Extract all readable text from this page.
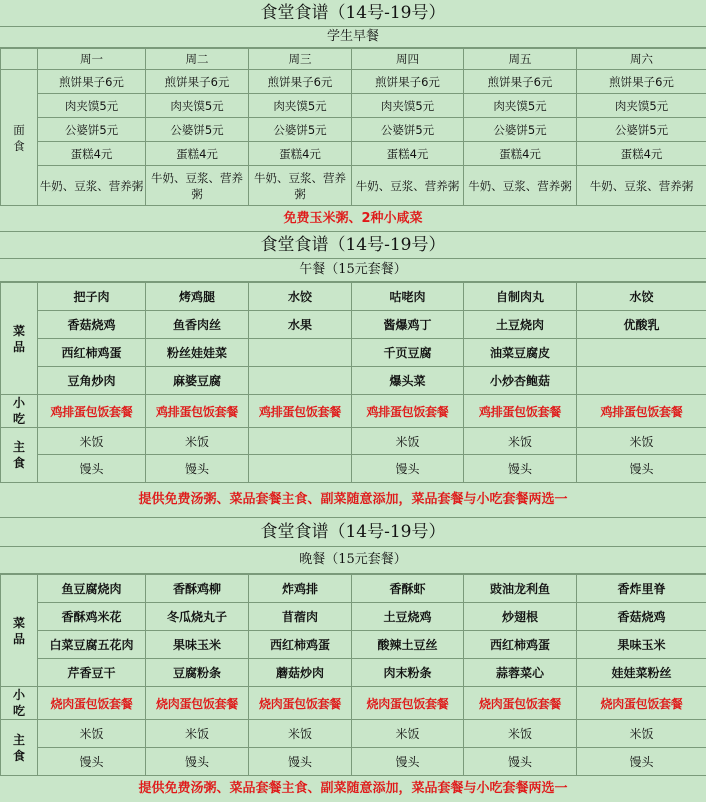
食堂食谱（14号-19号）
学生早餐
	周一	周二	周三	周四	周五	周六

面
食	煎饼果子6元	煎饼果子6元	煎饼果子6元	煎饼果子6元	煎饼果子6元	煎饼果子6元
	肉夹馍5元	肉夹馍5元	肉夹馍5元	肉夹馍5元	肉夹馍5元	肉夹馍5元
	公婆饼5元	公婆饼5元	公婆饼5元	公婆饼5元	公婆饼5元	公婆饼5元
	蛋糕4元	蛋糕4元	蛋糕4元	蛋糕4元	蛋糕4元	蛋糕4元
	牛奶、豆浆、营养粥	牛奶、豆浆、营养粥	牛奶、豆浆、营养粥	牛奶、豆浆、营养粥	牛奶、豆浆、营养粥	牛奶、豆浆、营养粥
免费玉米粥、2种小咸菜
食堂食谱（14号-19号）
午餐（15元套餐）
菜
品	把子肉	烤鸡腿	水饺	咕咾肉	自制肉丸	水饺
	香菇烧鸡	鱼香肉丝	水果	酱爆鸡丁	土豆烧肉	优酸乳
	西红柿鸡蛋	粉丝娃娃菜		千页豆腐	油菜豆腐皮	
	豆角炒肉	麻婆豆腐		爆头菜	小炒杏鲍菇	

小
吃	鸡排蛋包饭套餐	鸡排蛋包饭套餐	鸡排蛋包饭套餐	鸡排蛋包饭套餐	鸡排蛋包饭套餐	鸡排蛋包饭套餐

主
食	米饭	米饭		米饭	米饭	米饭
	馒头	馒头		馒头	馒头	馒头
提供免费汤粥、菜品套餐主食、副菜随意添加，菜品套餐与小吃套餐两选一
食堂食谱（14号-19号）
晚餐（15元套餐）
菜
品	鱼豆腐烧肉	香酥鸡柳	炸鸡排	香酥虾	豉油龙利鱼	香炸里脊
	香酥鸡米花	冬瓜烧丸子	苜蓿肉	土豆烧鸡	炒翅根	香菇烧鸡
	白菜豆腐五花肉	果味玉米	西红柿鸡蛋	酸辣土豆丝	西红柿鸡蛋	果味玉米
	芹香豆干	豆腐粉条	蘑菇炒肉	肉末粉条	蒜蓉菜心	娃娃菜粉丝

小
吃	烧肉蛋包饭套餐	烧肉蛋包饭套餐	烧肉蛋包饭套餐	烧肉蛋包饭套餐	烧肉蛋包饭套餐	烧肉蛋包饭套餐

主
食	米饭	米饭	米饭	米饭	米饭	米饭
	馒头	馒头	馒头	馒头	馒头	馒头
提供免费汤粥、菜品套餐主食、副菜随意添加，菜品套餐与小吃套餐两选一
